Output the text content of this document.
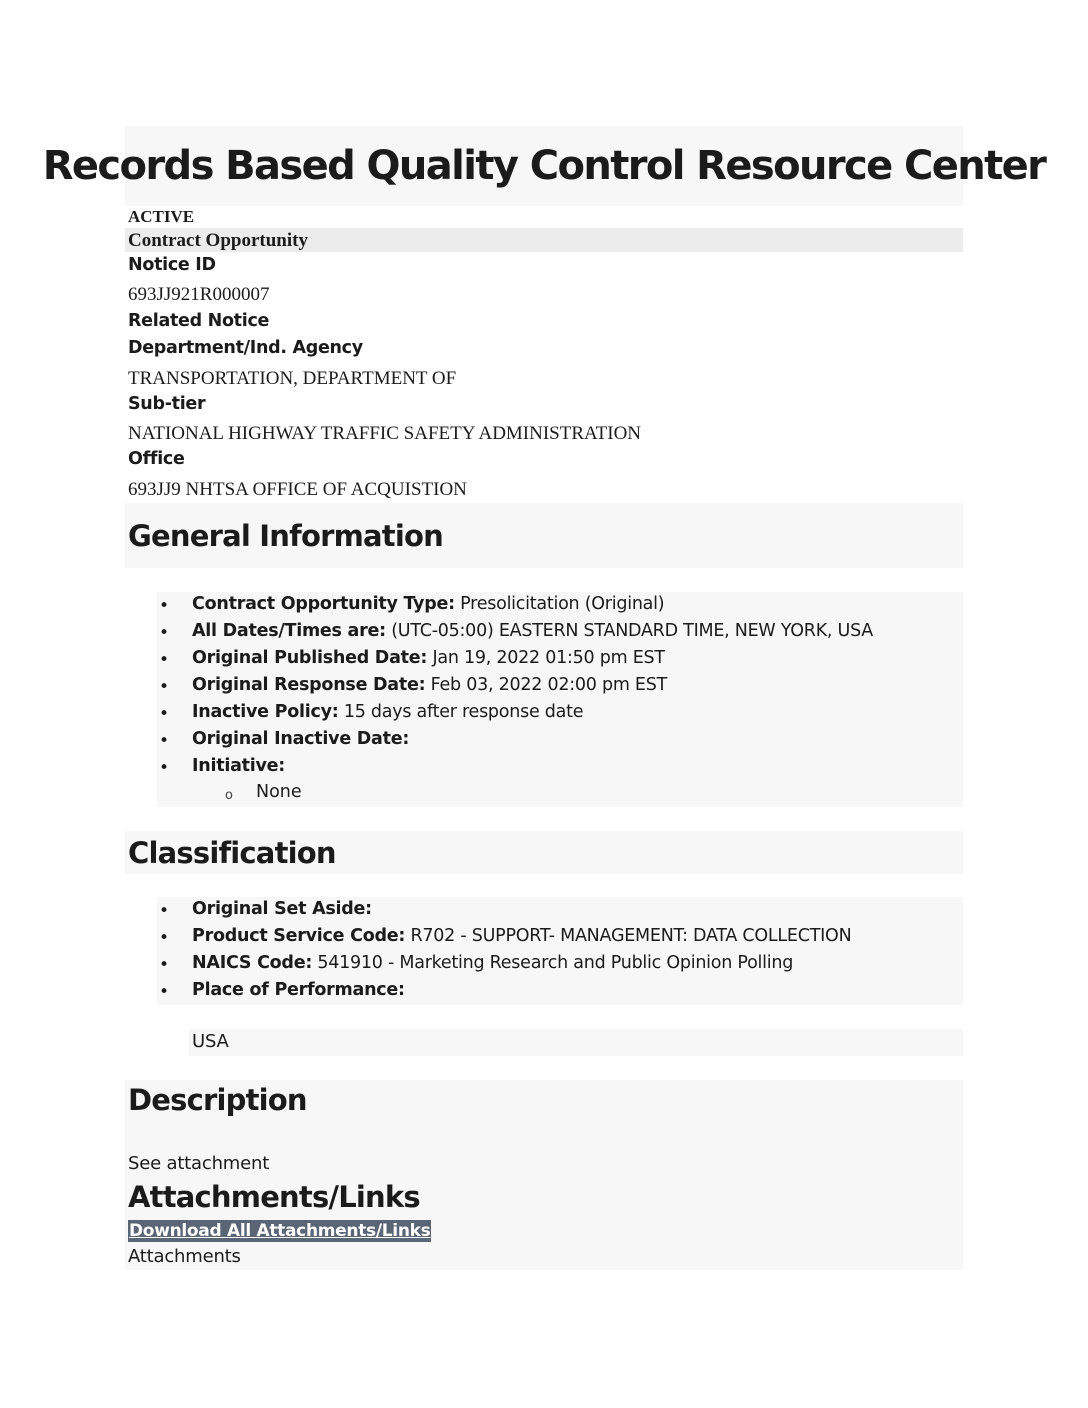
Records Based Quality Control Resource Center
ACTIVE
Contract Opportunity
Notice ID
693JJ921R000007
Related Notice
Department/Ind. Agency
TRANSPORTATION, DEPARTMENT OF
Sub-tier
NATIONAL HIGHWAY TRAFFIC SAFETY ADMINISTRATION
Office
693JJ9 NHTSA OFFICE OF ACQUISTION
General Information
• Contract Opportunity Type: Presolicitation (Original)
• All Dates/Times are: (UTC-05:00) EASTERN STANDARD TIME, NEW YORK, USA
• Original Published Date: Jan 19, 2022 01:50 pm EST
• Original Response Date: Feb 03, 2022 02:00 pm EST
• Inactive Policy: 15 days after response date
• Original Inactive Date:
• Initiative:
o None
Classification
• Original Set Aside:
• Product Service Code: R702 - SUPPORT- MANAGEMENT: DATA COLLECTION
• NAICS Code: 541910 - Marketing Research and Public Opinion Polling
• Place of Performance:
USA
Description
See attachment
Attachments/Links
Download All Attachments/Links
Attachments
